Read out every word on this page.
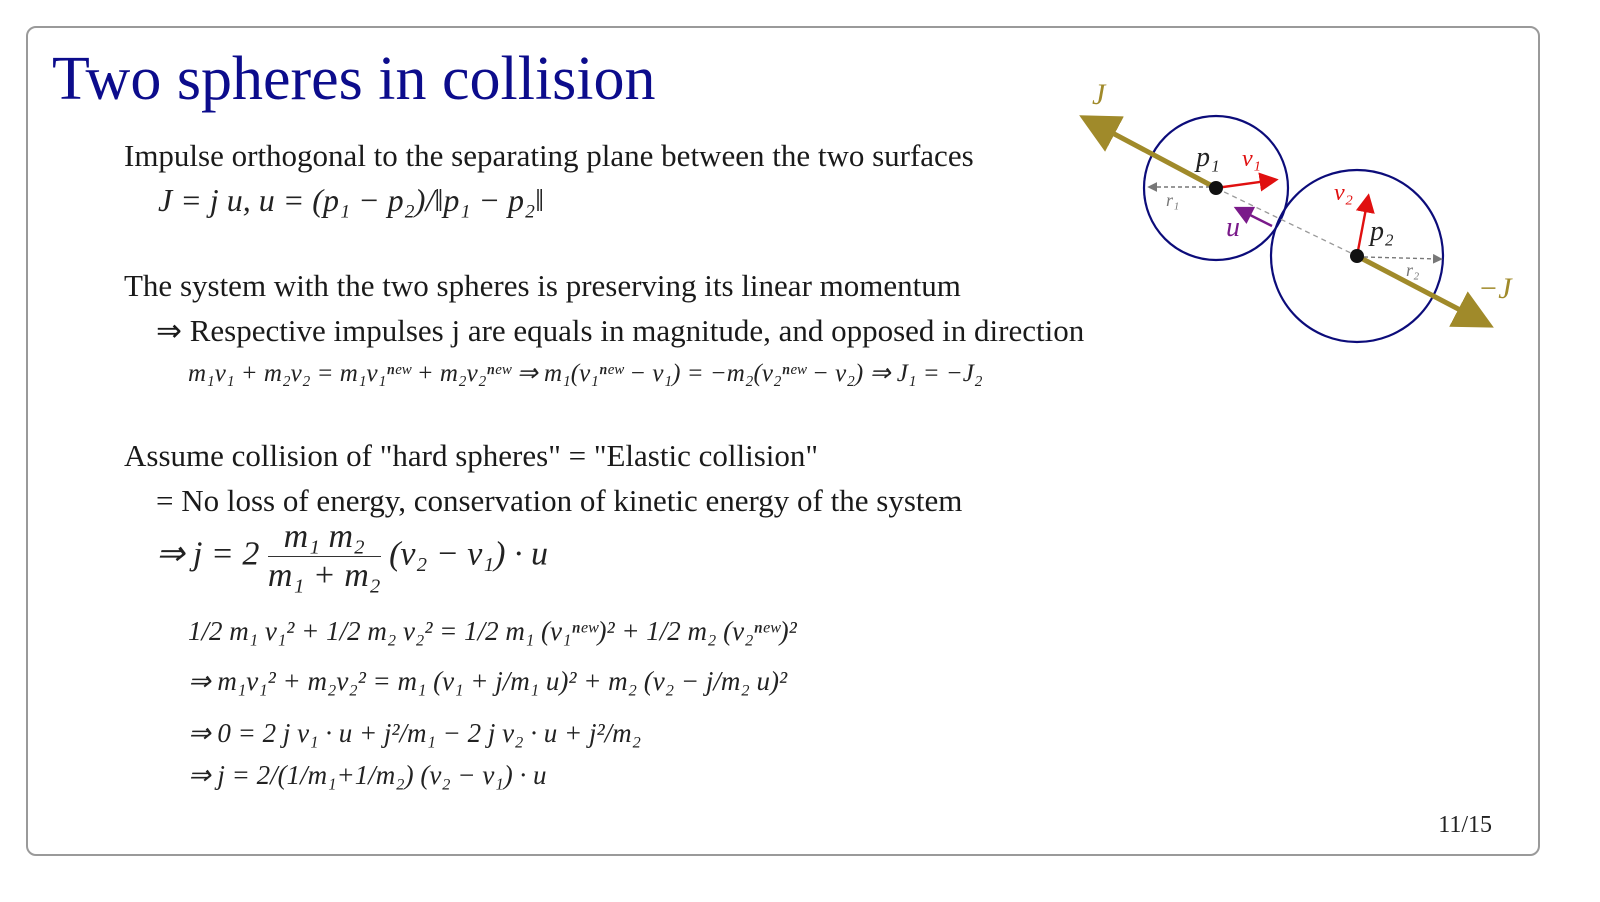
Two spheres in collision
Impulse orthogonal to the separating plane between the two surfaces
J = j u, u = (p₁ − p₂)/‖p₁ − p₂‖
The system with the two spheres is preserving its linear momentum
⇒ Respective impulses j are equals in magnitude, and opposed in direction
m₁v₁ + m₂v₂ = m₁v₁ⁿᵉʷ + m₂v₂ⁿᵉʷ ⇒ m₁(v₁ⁿᵉʷ − v₁) = −m₂(v₂ⁿᵉʷ − v₂) ⇒ J₁ = −J₂
Assume collision of "hard spheres" = "Elastic collision"
= No loss of energy, conservation of kinetic energy of the system
⇒ $j = 2 \frac{\text{m₁ m₂}}{\text{m₁ + m₂}} (v_2 - v_1) \cdot u$
1/2 m₁ v₁² + 1/2 m₂ v₂² = 1/2 m₁ (v₁ⁿᵉʷ)² + 1/2 m₂ (v₂ⁿᵉʷ)²
⇒ m₁v₁² + m₂v₂² = m₁ (v₁ + j/m₁ u)² + m₂ (v₂ − j/m₂ u)²
⇒ 0 = 2 j v₁ · u + j²/m₁ − 2 j v₂ · u + j²/m₂
⇒ j = 2/(1/m₁+1/m₂) (v₂ − v₁) · u
11/15
J
−J
p₁ v₁
v₂
p₂
u
r₁
r₂
